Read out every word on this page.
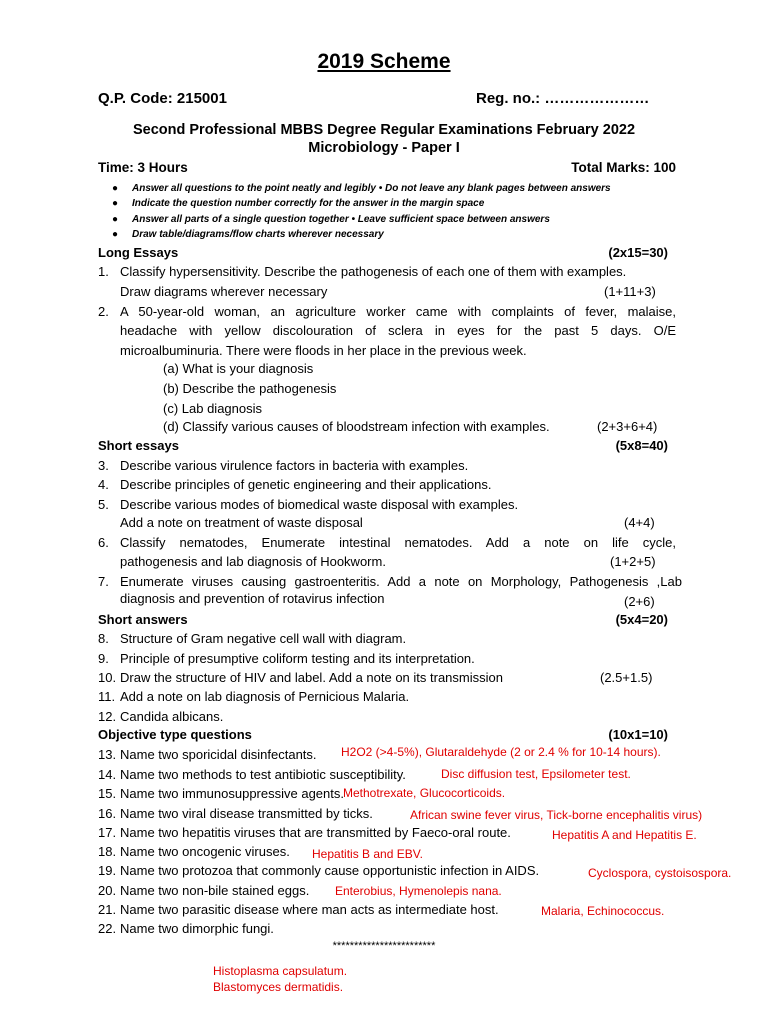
2019 Scheme
Q.P. Code: 215001	Reg. no.: …………………
Second Professional MBBS Degree Regular Examinations February 2022
Microbiology - Paper I
Time: 3 Hours	Total Marks: 100
● Answer all questions to the point neatly and legibly • Do not leave any blank pages between answers
● Indicate the question number correctly for the answer in the margin space
● Answer all parts of a single question together • Leave sufficient space between answers
● Draw table/diagrams/flow charts wherever necessary
Long Essays	(2x15=30)
1. Classify hypersensitivity. Describe the pathogenesis of each one of them with examples.
Draw diagrams wherever necessary	(1+11+3)
2. A 50-year-old woman, an agriculture worker came with complaints of fever, malaise,
headache with yellow discolouration of sclera in eyes for the past 5 days. O/E
microalbuminuria. There were floods in her place in the previous week.
(a) What is your diagnosis
(b) Describe the pathogenesis
(c) Lab diagnosis
(d) Classify various causes of bloodstream infection with examples.	(2+3+6+4)
Short essays	(5x8=40)
3. Describe various virulence factors in bacteria with examples.
4. Describe principles of genetic engineering and their applications.
5. Describe various modes of biomedical waste disposal with examples.
Add a note on treatment of waste disposal	(4+4)
6. Classify nematodes, Enumerate intestinal nematodes. Add a note on life cycle,
pathogenesis and lab diagnosis of Hookworm.	(1+2+5)
7. Enumerate viruses causing gastroenteritis. Add a note on Morphology, Pathogenesis ,Lab
diagnosis and prevention of rotavirus infection	(2+6)
Short answers	(5x4=20)
8. Structure of Gram negative cell wall with diagram.
9. Principle of presumptive coliform testing and its interpretation.
10. Draw the structure of HIV and label. Add a note on its transmission	(2.5+1.5)
11. Add a note on lab diagnosis of Pernicious Malaria.
12. Candida albicans.
Objective type questions	(10x1=10)
13. Name two sporicidal disinfectants. H2O2 (>4-5%), Glutaraldehyde (2 or 2.4 % for 10-14 hours).
14. Name two methods to test antibiotic susceptibility.	Disc diffusion test, Epsilometer test.
15. Name two immunosuppressive agents. Methotrexate, Glucocorticoids.
16. Name two viral disease transmitted by ticks.	African swine fever virus, Tick-borne encephalitis virus)
17. Name two hepatitis viruses that are transmitted by Faeco-oral route.	Hepatitis A and Hepatitis E.
18. Name two oncogenic viruses. Hepatitis B and EBV.
19. Name two protozoa that commonly cause opportunistic infection in AIDS.	Cyclospora, cystoisospora.
20. Name two non-bile stained eggs. Enterobius, Hymenolepis nana.
21. Name two parasitic disease where man acts as intermediate host.	Malaria, Echinococcus.
22. Name two dimorphic fungi.
************************
Histoplasma capsulatum.
Blastomyces dermatidis.
